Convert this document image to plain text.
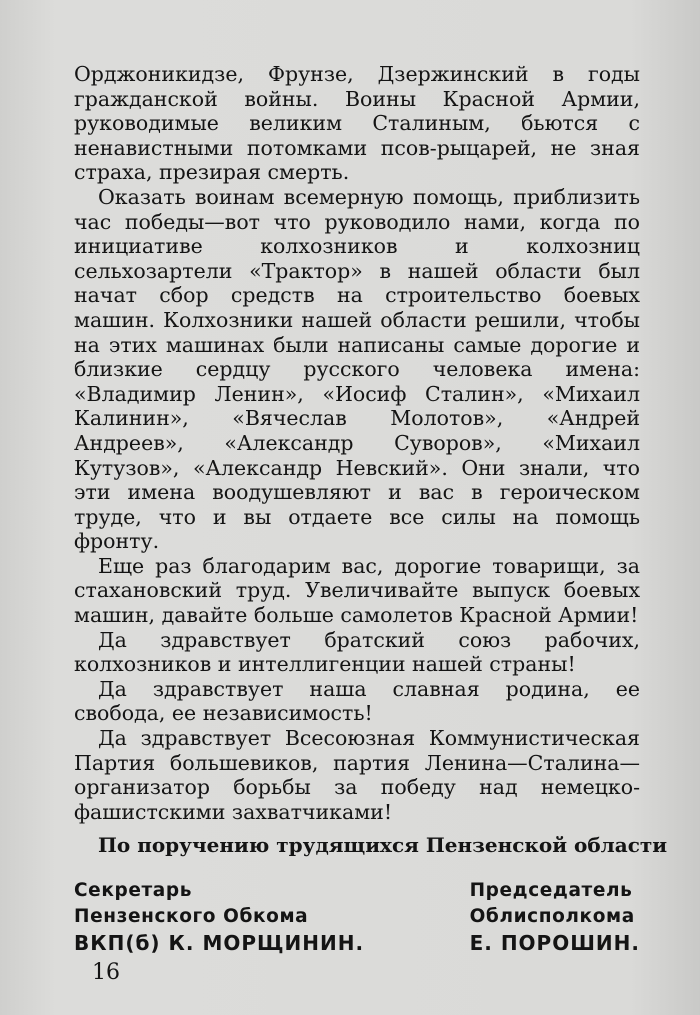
Орджоникидзе, Фрунзе, Дзержинский в годы гражданской войны. Воины Красной Армии, руководимые великим Сталиным, бьются с ненавистными потомками псов-рыцарей, не зная страха, презирая смерть.

Оказать воинам всемерную помощь, приблизить час победы—вот что руководило нами, когда по инициативе колхозников и колхозниц сельхозартели «Трактор» в нашей области был начат сбор средств на строительство боевых машин. Колхозники нашей области решили, чтобы на этих машинах были написаны самые дорогие и близкие сердцу русского человека имена: «Владимир Ленин», «Иосиф Сталин», «Михаил Калинин», «Вячеслав Молотов», «Андрей Андреев», «Александр Суворов», «Михаил Кутузов», «Александр Невский». Они знали, что эти имена воодушевляют и вас в героическом труде, что и вы отдаете все силы на помощь фронту.

Еще раз благодарим вас, дорогие товарищи, за стахановский труд. Увеличивайте выпуск боевых машин, давайте больше самолетов Красной Армии!

Да здравствует братский союз рабочих, колхозников и интеллигенции нашей страны!

Да здравствует наша славная родина, ее свобода, ее независимость!

Да здравствует Всесоюзная Коммунистическая Партия большевиков, партия Ленина—Сталина—организатор борьбы за победу над немецко-фашистскими захватчиками!

По поручению трудящихся Пензенской области

Секретарь
Пензенского Обкома
ВКП(б) К. МОРЩИНИН.
Председатель
Облисполкома
Е. ПОРОШИН.
16
